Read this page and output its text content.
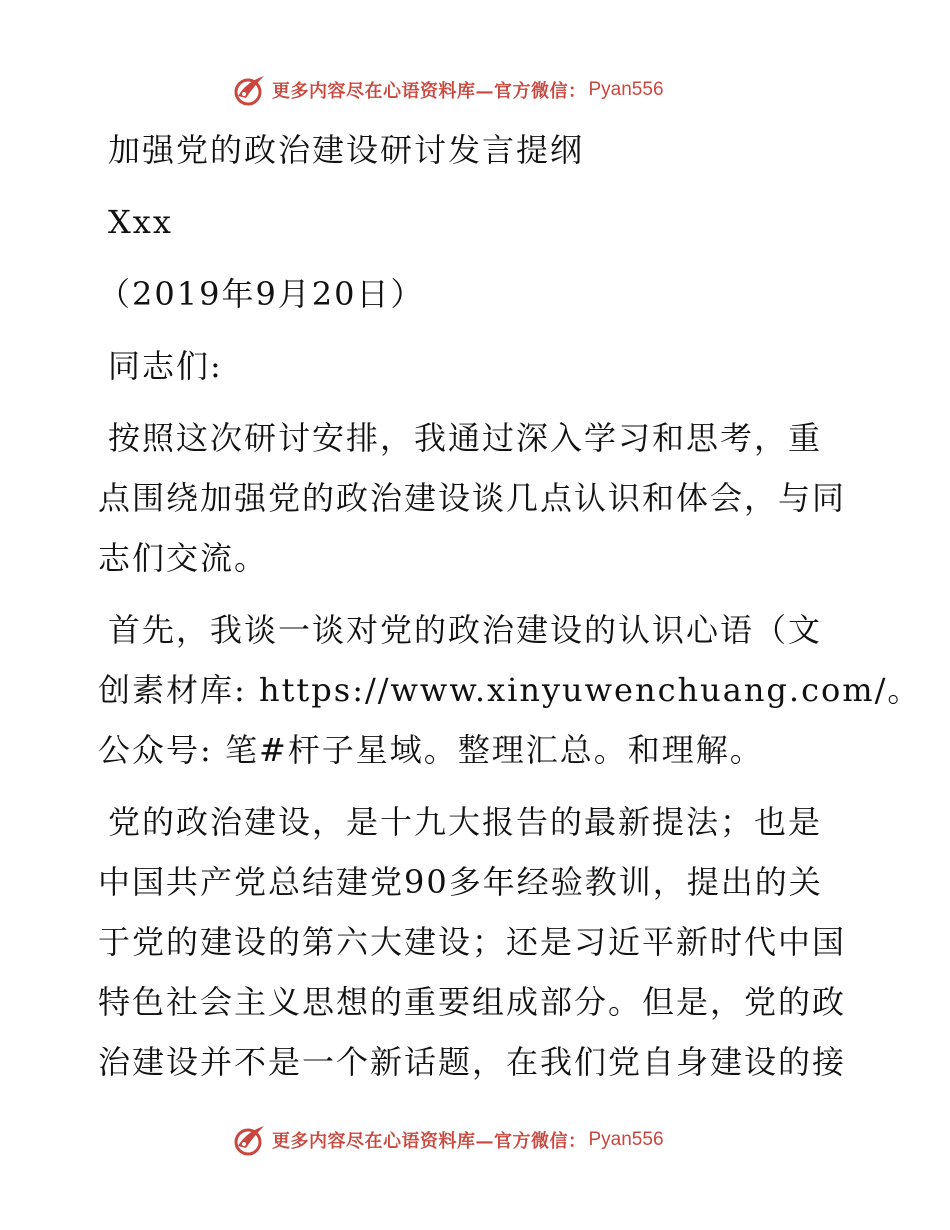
更多内容尽在心语资料库—官方微信： Pyan556
加强党的政治建设研讨发言提纲
Xxx
（2019年9月20日）
同志们:
按照这次研讨安排，我通过深入学习和思考，重
点围绕加强党的政治建设谈几点认识和体会，与同
志们交流。
首先，我谈一谈对党的政治建设的认识心语（文
创素材库: https://www.xinyuwenchuang.com/。
公众号: 笔#杆子星域。整理汇总。和理解。
党的政治建设，是十九大报告的最新提法；也是
中国共产党总结建党90多年经验教训，提出的关
于党的建设的第六大建设；还是习近平新时代中国
特色社会主义思想的重要组成部分。但是，党的政
治建设并不是一个新话题，在我们党自身建设的接
更多内容尽在心语资料库—官方微信： Pyan556
